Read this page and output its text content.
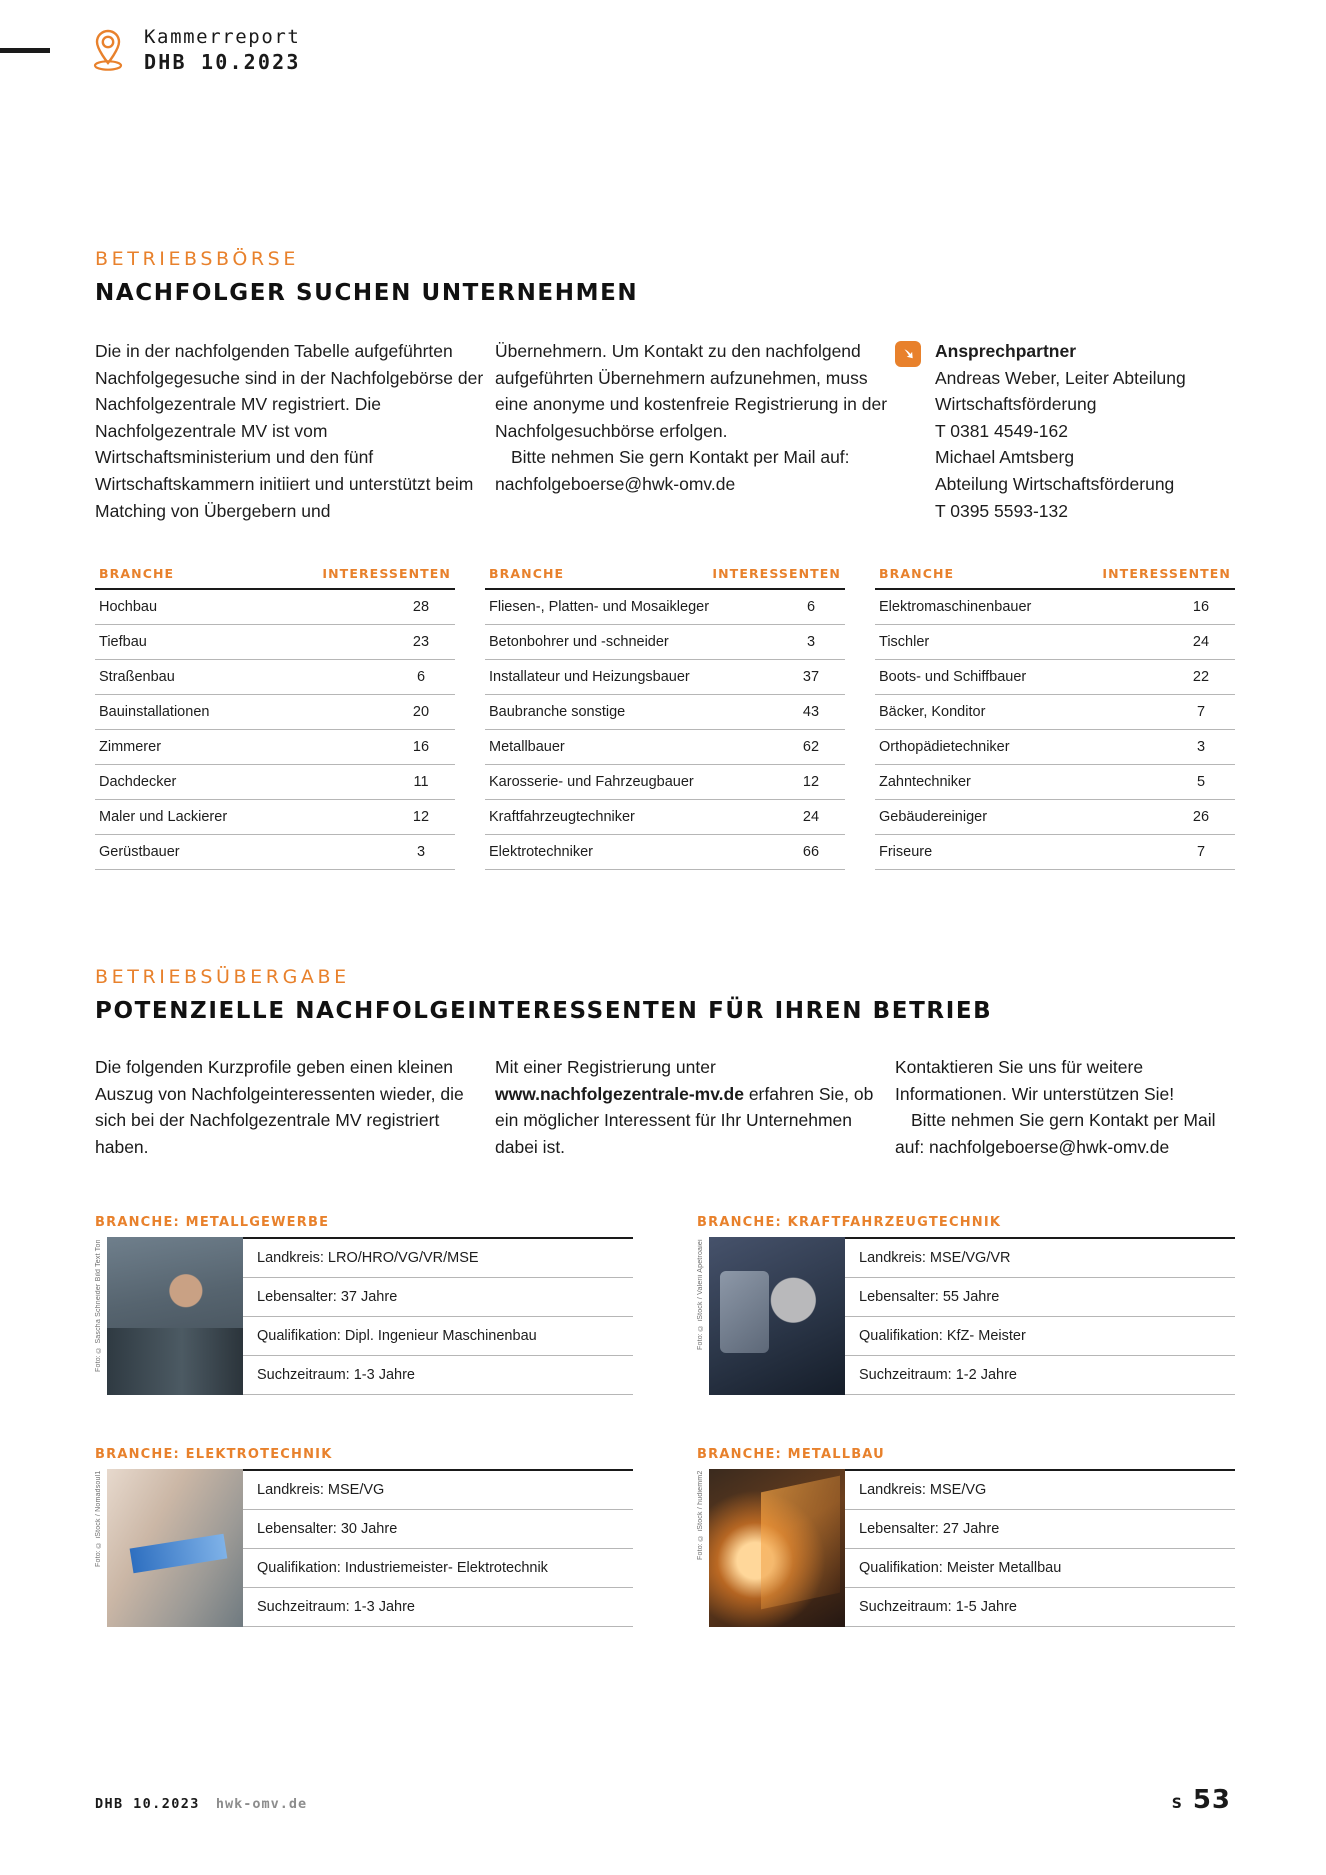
Kammerreport
DHB 10.2023
BETRIEBSBÖRSE
NACHFOLGER SUCHEN UNTERNEHMEN

Die in der nachfolgenden Tabelle aufgeführten Nachfolgegesuche sind in der Nachfolgebörse der Nachfolgezentrale MV registriert. Die Nachfolgezentrale MV ist vom Wirtschaftsministerium und den fünf Wirtschaftskammern initiiert und unterstützt beim Matching von Übergebern und

Übernehmern. Um Kontakt zu den nachfolgend aufgeführten Übernehmern aufzunehmen, muss eine anonyme und kostenfreie Registrierung in der Nachfolgesuchbörse erfolgen.

Bitte nehmen Sie gern Kontakt per Mail auf: nachfolgeboerse@hwk-omv.de

Ansprechpartner
Andreas Weber, Leiter Abteilung
Wirtschaftsförderung
T 0381 4549-162
Michael Amtsberg
Abteilung Wirtschaftsförderung
T 0395 5593-132
BRANCHE	INTERESSENTEN
Hochbau	28
Tiefbau	23
Straßenbau	6
Bauinstallationen	20
Zimmerer	16
Dachdecker	11
Maler und Lackierer	12
Gerüstbauer	3
BRANCHE	INTERESSENTEN
Fliesen-, Platten- und Mosaikleger	6
Betonbohrer und -schneider	3
Installateur und Heizungsbauer	37
Baubranche sonstige	43
Metallbauer	62
Karosserie- und Fahrzeugbauer	12
Kraftfahrzeugtechniker	24
Elektrotechniker	66
BRANCHE	INTERESSENTEN
Elektromaschinenbauer	16
Tischler	24
Boots- und Schiffbauer	22
Bäcker, Konditor	7
Orthopädietechniker	3
Zahntechniker	5
Gebäudereiniger	26
Friseure	7
BETRIEBSÜBERGABE
POTENZIELLE NACHFOLGEINTERESSENTEN FÜR IHREN BETRIEB

Die folgenden Kurzprofile geben einen kleinen Auszug von Nachfolgeinteressenten wieder, die sich bei der Nachfolgezentrale MV registriert haben.

Mit einer Registrierung unter www.nachfolgezentrale-mv.de erfahren Sie, ob ein möglicher Interessent für Ihr Unternehmen dabei ist.

Kontaktieren Sie uns für weitere Informationen. Wir unterstützen Sie!

Bitte nehmen Sie gern Kontakt per Mail auf: nachfolgeboerse@hwk-omv.de

BRANCHE: METALLGEWERBE
Foto: © Sascha Schneider Bild Text Ton	Landkreis: LRO/HRO/VG/VR/MSE
Lebensalter: 37 Jahre
Qualifikation: Dipl. Ingenieur Maschinenbau
Suchzeitraum: 1-3 Jahre
BRANCHE: KRAFTFAHRZEUGTECHNIK
Foto: © iStock / Valerii Apetroaiei	Landkreis: MSE/VG/VR
Lebensalter: 55 Jahre
Qualifikation: KfZ- Meister
Suchzeitraum: 1-2 Jahre
BRANCHE: ELEKTROTECHNIK
Foto: © iStock / Nomadsoul1	Landkreis: MSE/VG
Lebensalter: 30 Jahre
Qualifikation: Industriemeister- Elektrotechnik
Suchzeitraum: 1-3 Jahre
BRANCHE: METALLBAU
Foto: © iStock / hudiemm2	Landkreis: MSE/VG
Lebensalter: 27 Jahre
Qualifikation: Meister Metallbau
Suchzeitraum: 1-5 Jahre
DHB 10.2023 hwk-omv.de	S 53
